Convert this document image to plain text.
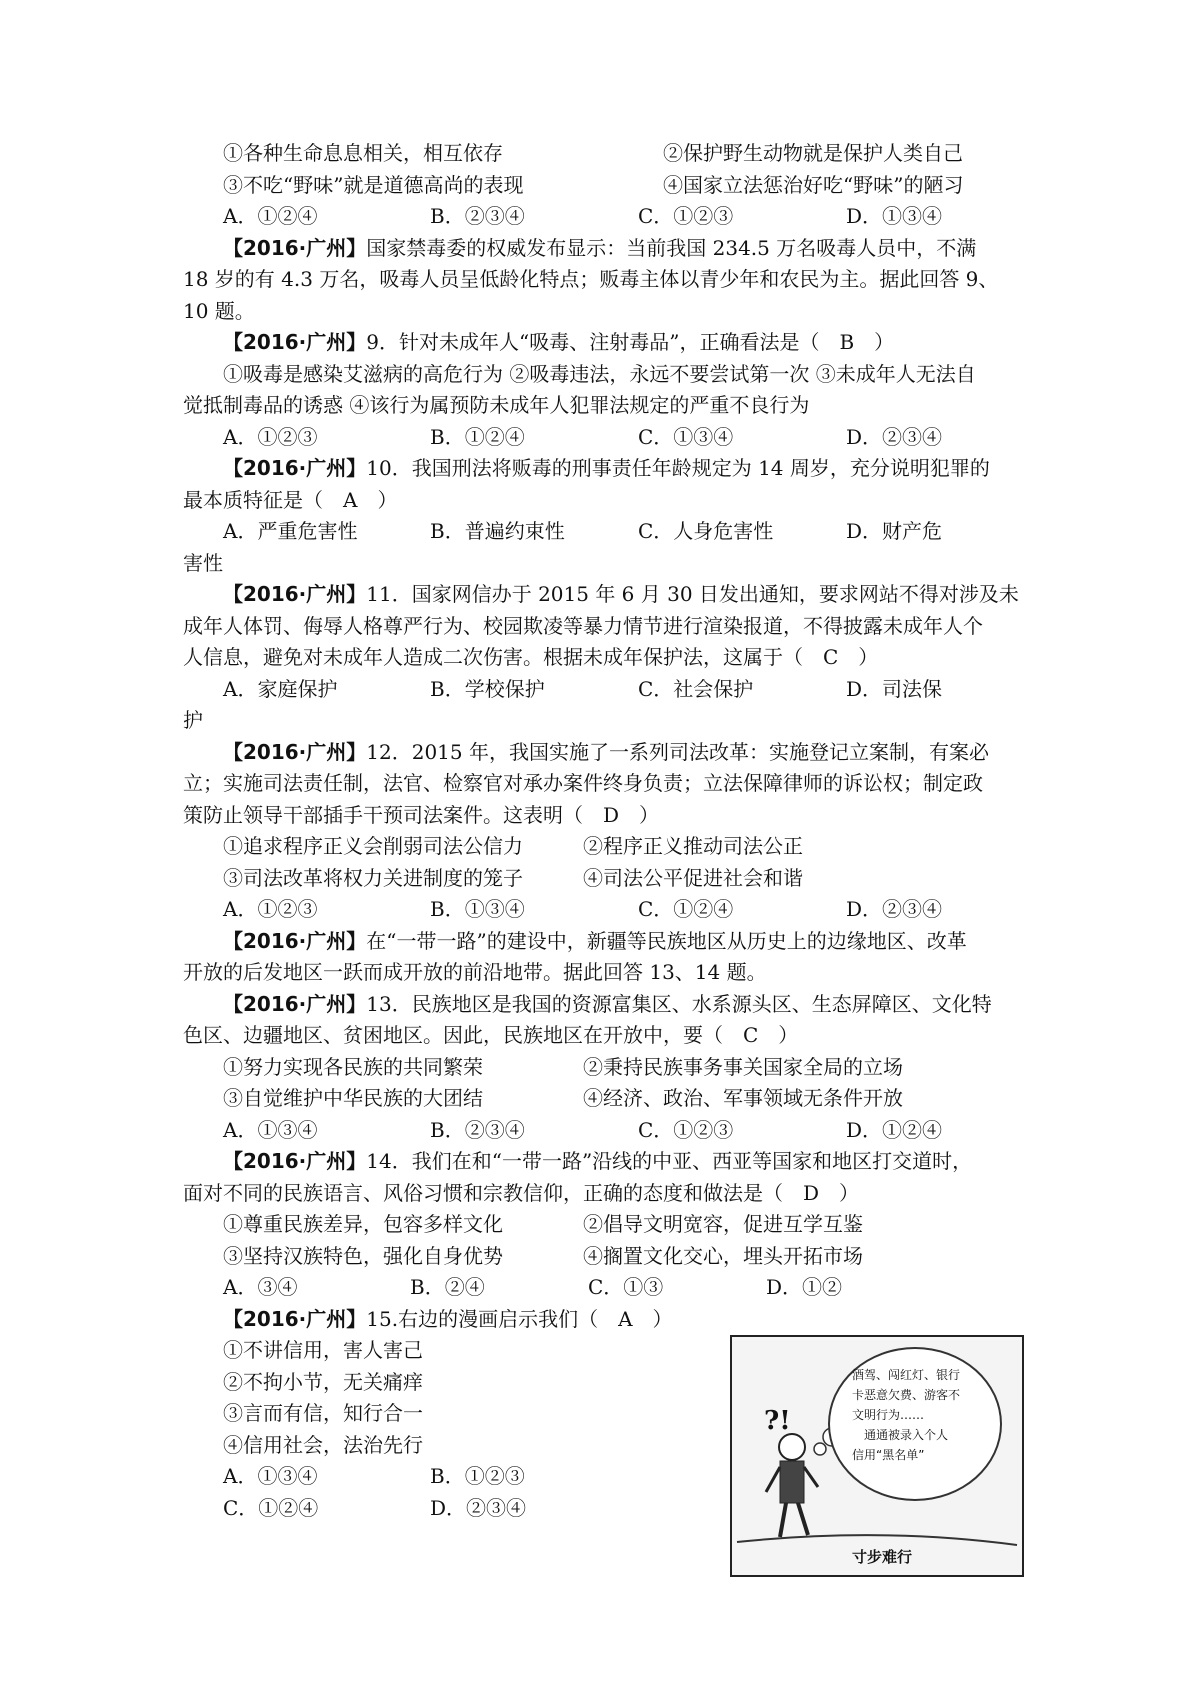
①各种生命息息相关，相互依存	②保护野生动物就是保护人类自己
③不吃“野味”就是道德高尚的表现	④国家立法惩治好吃“野味”的陋习
A．①②④	B．②③④	C．①②③	D．①③④
【2016·广州】国家禁毒委的权威发布显示：当前我国 234.5 万名吸毒人员中，不满
18 岁的有 4.3 万名，吸毒人员呈低龄化特点；贩毒主体以青少年和农民为主。据此回答 9、
10 题。
【2016·广州】9．针对未成年人“吸毒、注射毒品”，正确看法是（　B　）
①吸毒是感染艾滋病的高危行为 ②吸毒违法，永远不要尝试第一次 ③未成年人无法自
觉抵制毒品的诱惑 ④该行为属预防未成年人犯罪法规定的严重不良行为
A．①②③	B．①②④	C．①③④	D．②③④
【2016·广州】10．我国刑法将贩毒的刑事责任年龄规定为 14 周岁，充分说明犯罪的
最本质特征是（　A　）
A．严重危害性	B．普遍约束性	C．人身危害性	D．财产危
害性
【2016·广州】11．国家网信办于 2015 年 6 月 30 日发出通知，要求网站不得对涉及未
成年人体罚、侮辱人格尊严行为、校园欺凌等暴力情节进行渲染报道，不得披露未成年人个
人信息，避免对未成年人造成二次伤害。根据未成年保护法，这属于（　C　）
A．家庭保护	B．学校保护	C．社会保护	D．司法保
护
【2016·广州】12．2015 年，我国实施了一系列司法改革：实施登记立案制，有案必
立；实施司法责任制，法官、检察官对承办案件终身负责；立法保障律师的诉讼权；制定政
策防止领导干部插手干预司法案件。这表明（　D　）
①追求程序正义会削弱司法公信力	②程序正义推动司法公正
③司法改革将权力关进制度的笼子	④司法公平促进社会和谐
A．①②③	B．①③④	C．①②④	D．②③④
【2016·广州】在“一带一路”的建设中，新疆等民族地区从历史上的边缘地区、改革
开放的后发地区一跃而成开放的前沿地带。据此回答 13、14 题。
【2016·广州】13．民族地区是我国的资源富集区、水系源头区、生态屏障区、文化特
色区、边疆地区、贫困地区。因此，民族地区在开放中，要（　C　）
①努力实现各民族的共同繁荣	②秉持民族事务事关国家全局的立场
③自觉维护中华民族的大团结	④经济、政治、军事领域无条件开放
A．①③④	B．②③④	C．①②③	D．①②④
【2016·广州】14．我们在和“一带一路”沿线的中亚、西亚等国家和地区打交道时，
面对不同的民族语言、风俗习惯和宗教信仰，正确的态度和做法是（　D　）
①尊重民族差异，包容多样文化	②倡导文明宽容，促进互学互鉴
③坚持汉族特色，强化自身优势	④搁置文化交心，埋头开拓市场
A．③④	B．②④	C．①③	D．①②
【2016·广州】15.右边的漫画启示我们（　A　）
①不讲信用，害人害己
②不拘小节，无关痛痒
③言而有信，知行合一
④信用社会，法治先行
A．①③④	B．①②③
C．①②④	D．②③④
?!
酒驾、闯红灯、银行
卡恶意欠费、游客不
文明行为……
　通通被录入个人
信用“黑名单”
寸步难行
